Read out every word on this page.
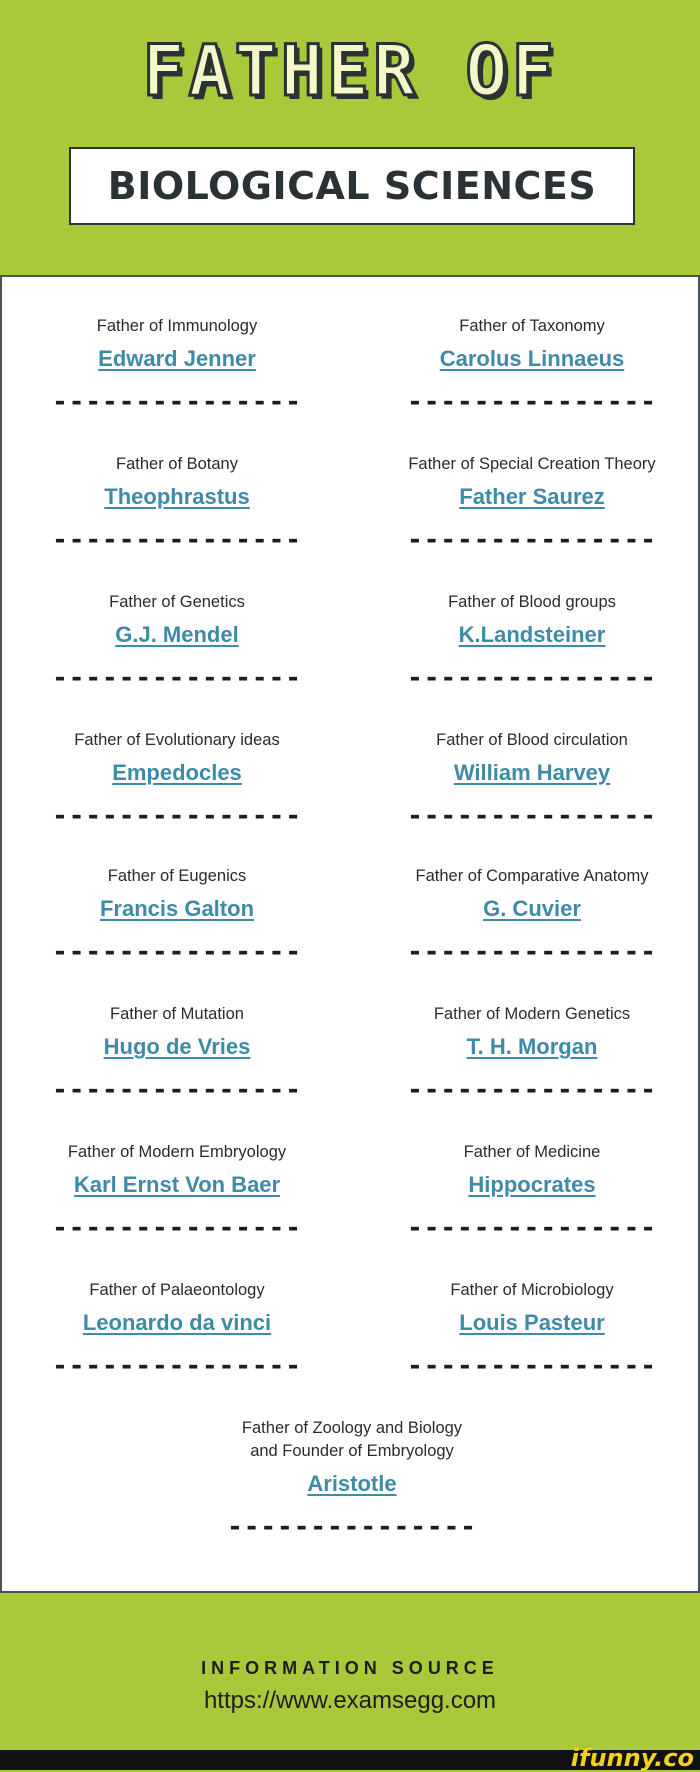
FATHER OF
BIOLOGICAL SCIENCES
Father of Immunology
Edward Jenner
---------------
Father of Taxonomy
Carolus Linnaeus
---------------
Father of Botany
Theophrastus
---------------
Father of Special Creation Theory
Father Saurez
---------------
Father of Genetics
G.J. Mendel
---------------
Father of Blood groups
K.Landsteiner
---------------
Father of Evolutionary ideas
Empedocles
---------------
Father of Blood circulation
William Harvey
---------------
Father of Eugenics
Francis Galton
---------------
Father of Comparative Anatomy
G. Cuvier
---------------
Father of Mutation
Hugo de Vries
---------------
Father of Modern Genetics
T. H. Morgan
---------------
Father of Modern Embryology
Karl Ernst Von Baer
---------------
Father of Medicine
Hippocrates
---------------
Father of Palaeontology
Leonardo da vinci
---------------
Father of Microbiology
Louis Pasteur
---------------
Father of Zoology and Biology
and Founder of Embryology
Aristotle
---------------
INFORMATION SOURCE
https://www.examsegg.com
ifunny.co
